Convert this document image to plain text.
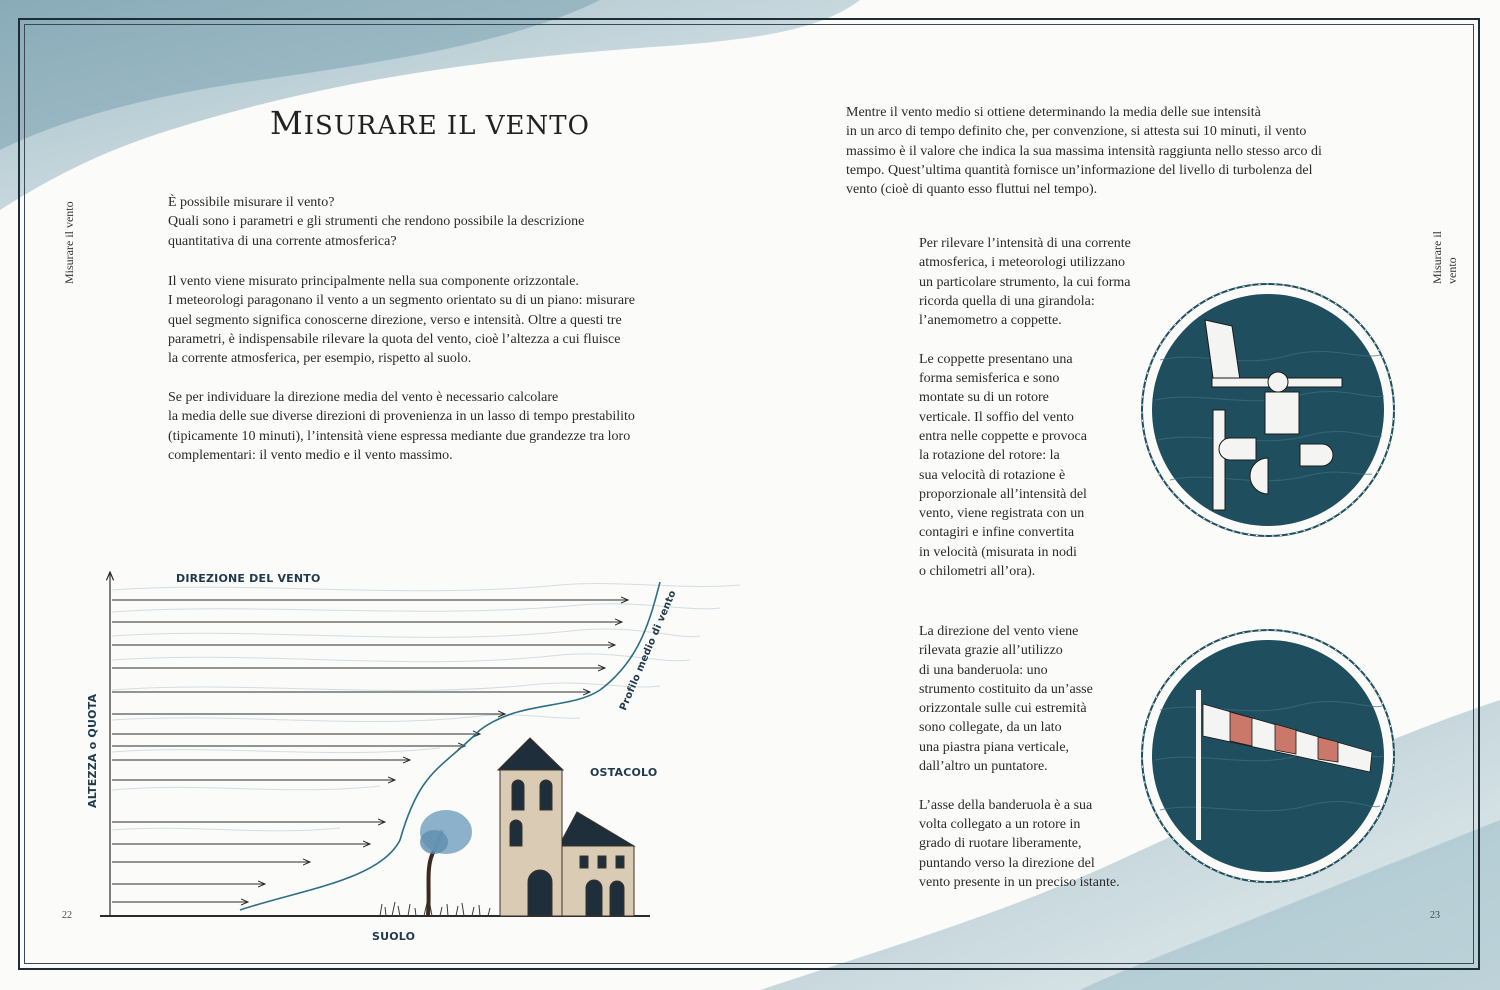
Misurare il vento	Misurare il vento
MISURARE IL VENTO
È possibile misurare il vento?
Quali sono i parametri e gli strumenti che rendono possibile la descrizione
quantitativa di una corrente atmosferica?
Il vento viene misurato principalmente nella sua componente orizzontale.
I meteorologi paragonano il vento a un segmento orientato su di un piano: misurare
quel segmento significa conoscerne direzione, verso e intensità. Oltre a questi tre
parametri, è indispensabile rilevare la quota del vento, cioè l’altezza a cui fluisce
la corrente atmosferica, per esempio, rispetto al suolo.
Se per individuare la direzione media del vento è necessario calcolare
la media delle sue diverse direzioni di provenienza in un lasso di tempo prestabilito
(tipicamente 10 minuti), l’intensità viene espressa mediante due grandezze tra loro
complementari: il vento medio e il vento massimo.
Mentre il vento medio si ottiene determinando la media delle sue intensità
in un arco di tempo definito che, per convenzione, si attesta sui 10 minuti, il vento
massimo è il valore che indica la sua massima intensità raggiunta nello stesso arco di
tempo. Quest’ultima quantità fornisce un’informazione del livello di turbolenza del
vento (cioè di quanto esso fluttui nel tempo).
Per rilevare l’intensità di una corrente
atmosferica, i meteorologi utilizzano
un particolare strumento, la cui forma
ricorda quella di una girandola:
l’anemometro a coppette.

Le coppette presentano una
forma semisferica e sono
montate su di un rotore
verticale. Il soffio del vento
entra nelle coppette e provoca
la rotazione del rotore: la
sua velocità di rotazione è
proporzionale all’intensità del
vento, viene registrata con un
contagiri e infine convertita
in velocità (misurata in nodi
o chilometri all’ora).
La direzione del vento viene
rilevata grazie all’utilizzo
di una banderuola: uno
strumento costituito da un’asse
orizzontale sulle cui estremità
sono collegate, da un lato
una piastra piana verticale,
dall’altro un puntatore.

L’asse della banderuola è a sua
volta collegato a un rotore in
grado di ruotare liberamente,
puntando verso la direzione del
vento presente in un preciso istante.
DIREZIONE DEL VENTO
OSTACOLO
SUOLO
ALTEZZA o QUOTA
Profilo medio di vento
22	23
